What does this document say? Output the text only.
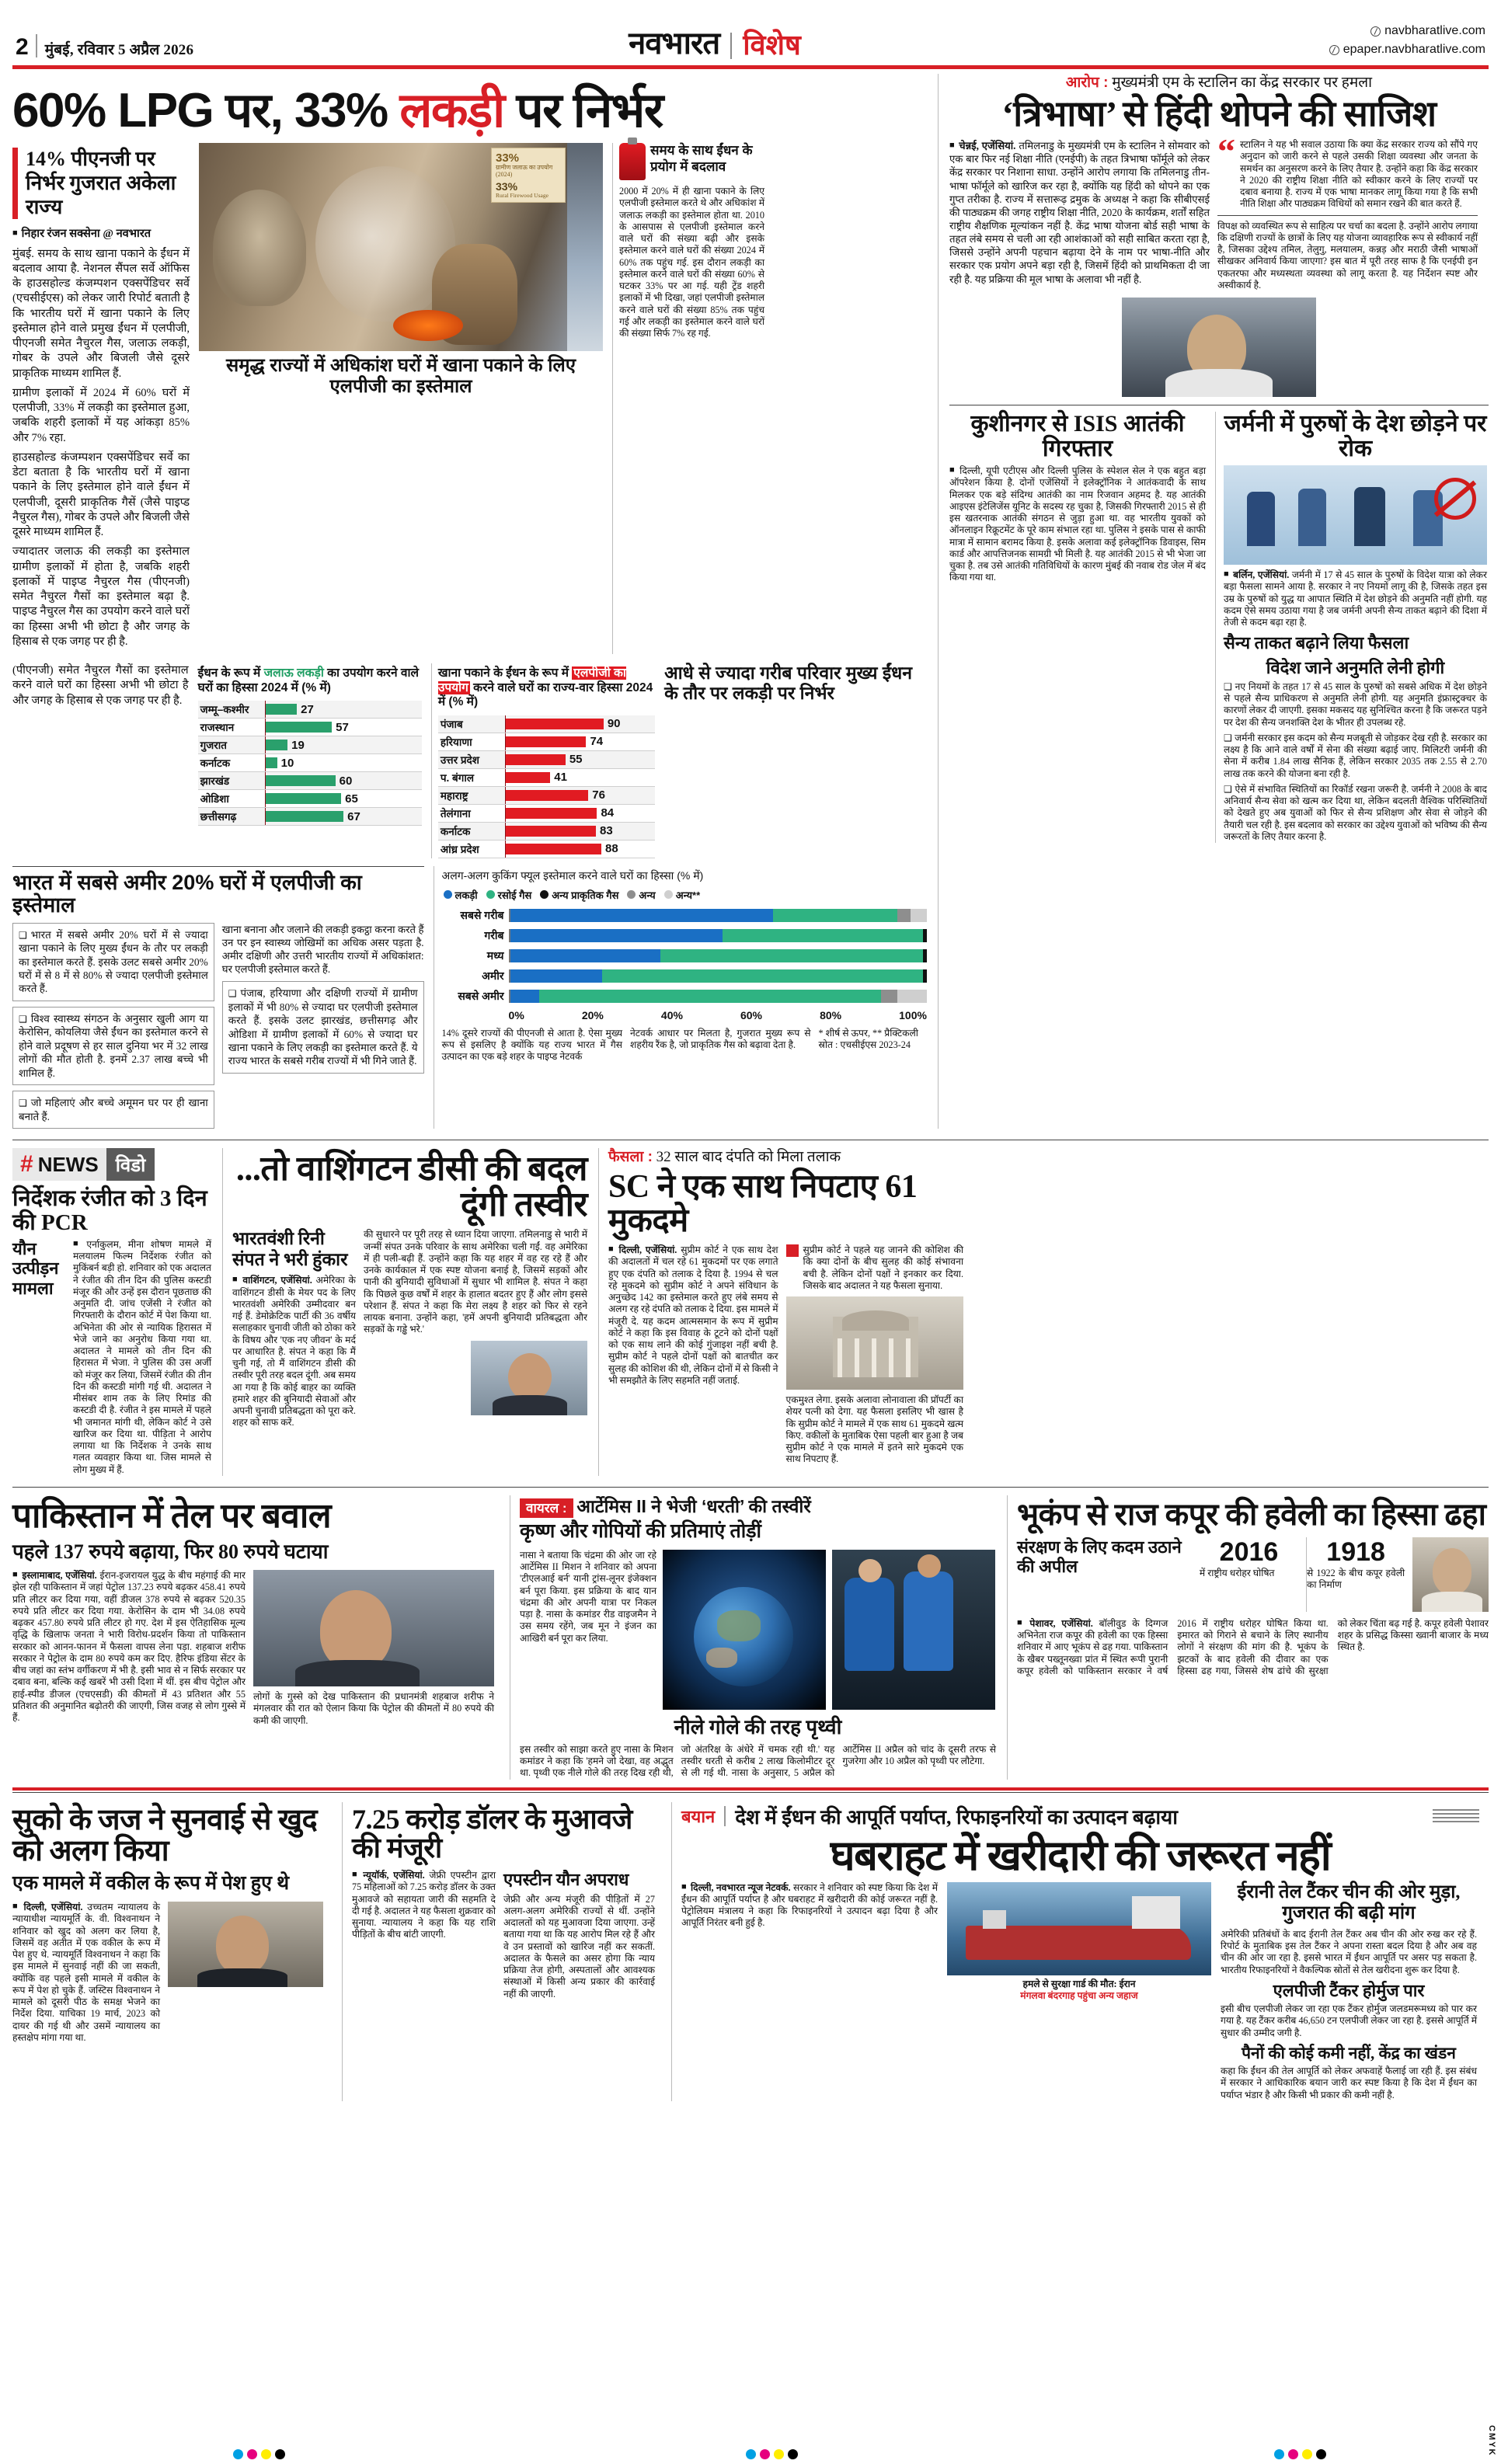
2 मुंबई, रविवार 5 अप्रैल 2026	नवभारत विशेष	navbharatlive.com
epaper.navbharatlive.com
60% LPG पर, 33% लकड़ी पर निर्भर
14% पीएनजी पर निर्भर गुजरात अकेला राज्य

■ निहार रंजन सक्सेना @ नवभारत

मुंबई. समय के साथ खाना पकाने के ईंधन में बदलाव आया है. नेशनल सैंपल सर्वे ऑफिस के हाउसहोल्ड कंजम्पशन एक्सपेंडिचर सर्वे (एचसीईएस) को लेकर जारी रिपोर्ट बताती है कि भारतीय घरों में खाना पकाने के लिए इस्तेमाल होने वाले प्रमुख ईंधन में एलपीजी, पीएनजी समेत नैचुरल गैस, जलाऊ लकड़ी, गोबर के उपले और बिजली जैसे दूसरे प्राकृतिक माध्यम शामिल हैं.

ग्रामीण इलाकों में 2024 में 60% घरों में एलपीजी, 33% में लकड़ी का इस्तेमाल हुआ, जबकि शहरी इलाकों में यह आंकड़ा 85% और 7% रहा.

हाउसहोल्ड कंजम्पशन एक्सपेंडिचर सर्वे का डेटा बताता है कि भारतीय घरों में खाना पकाने के लिए इस्तेमाल होने वाले ईंधन में एलपीजी, दूसरी प्राकृतिक गैसें (जैसे पाइप्ड नैचुरल गैस), गोबर के उपले और बिजली जैसे दूसरे माध्यम शामिल हैं.

ज्यादातर जलाऊ की लकड़ी का इस्तेमाल ग्रामीण इलाकों में होता है, जबकि शहरी इलाकों में पाइप्ड नैचुरल गैस (पीएनजी) समेत नैचुरल गैसों का इस्तेमाल बढ़ा है. पाइप्ड नैचुरल गैस का उपयोग करने वाले घरों का हिस्सा अभी भी छोटा है और जगह के हिसाब से एक जगह पर ही है.

33%
ग्रामीण जलाऊ का उपयोग (2024)
33%
Rural Firewood Usage
समृद्ध राज्यों में अधिकांश घरों में खाना पकाने के लिए एलपीजी का इस्तेमाल
समय के साथ ईंधन के प्रयोग में बदलाव
2000 में 20% में ही खाना पकाने के लिए एलपीजी इस्तेमाल करते थे और अधिकांश में जलाऊ लकड़ी का इस्तेमाल होता था. 2010 के आसपास से एलपीजी इस्तेमाल करने वाले घरों की संख्या बढ़ी और इसके इस्तेमाल करने वाले घरों की संख्या 2024 में 60% तक पहुंच गई. इस दौरान लकड़ी का इस्तेमाल करने वाले घरों की संख्या 60% से घटकर 33% पर आ गई. यही ट्रेंड शहरी इलाकों में भी दिखा, जहां एलपीजी इस्तेमाल करने वाले घरों की संख्या 85% तक पहुंच गई और लकड़ी का इस्तेमाल करने वाले घरों की संख्या सिर्फ 7% रह गई.

(पीएनजी) समेत नैचुरल गैसों का इस्तेमाल करने वाले घरों का हिस्सा अभी भी छोटा है और जगह के हिसाब से एक जगह पर ही है.

ईंधन के रूप में जलाऊ लकड़ी का उपयोग करने वाले घरों का हिस्सा 2024 में (% में)
जम्मू–कश्मीर	27
राजस्थान	57
गुजरात	19
कर्नाटक	10
झारखंड	60
ओडिशा	65
छत्तीसगढ़	67
खाना पकाने के ईंधन के रूप में एलपीजी का उपयोग करने वाले घरों का राज्य-वार हिस्सा 2024 में (% में)
पंजाब	90
हरियाणा	74
उत्तर प्रदेश	55
प. बंगाल	41
महाराष्ट्र	76
तेलंगाना	84
कर्नाटक	83
आंध्र प्रदेश	88
आधे से ज्यादा गरीब परिवार मुख्य ईंधन के तौर पर लकड़ी पर निर्भर
भारत में सबसे अमीर 20% घरों में एलपीजी का इस्तेमाल
❑ भारत में सबसे अमीर 20% घरों में से ज्यादा खाना पकाने के लिए मुख्य ईंधन के तौर पर लकड़ी का इस्तेमाल करते हैं. इसके उलट सबसे अमीर 20% घरों में से 8 में से 80% से ज्यादा एलपीजी इस्तेमाल करते हैं.
❑ विश्व स्वास्थ्य संगठन के अनुसार खुली आग या केरोसिन, कोयलिया जैसे ईंधन का इस्तेमाल करने से होने वाले प्रदूषण से हर साल दुनिया भर में 32 लाख लोगों की मौत होती है. इनमें 2.37 लाख बच्चे भी शामिल हैं.
❑ जो महिलाएं और बच्चे अमूमन घर पर ही खाना बनाते हैं.
खाना बनाना और जलाने की लकड़ी इकट्ठा करना करते हैं उन पर इन स्वास्थ्य जोखिमों का अधिक असर पड़ता है. अमीर दक्षिणी और उत्तरी भारतीय राज्यों में अधिकांशत: घर एलपीजी इस्तेमाल करते हैं.
❑ पंजाब, हरियाणा और दक्षिणी राज्यों में ग्रामीण इलाकों में भी 80% से ज्यादा घर एलपीजी इस्तेमाल करते हैं. इसके उलट झारखंड, छत्तीसगढ़ और ओडिशा में ग्रामीण इलाकों में 60% से ज्यादा घर खाना पकाने के लिए लकड़ी का इस्तेमाल करते हैं. ये राज्य भारत के सबसे गरीब राज्यों में भी गिने जाते हैं.
अलग-अलग कुकिंग फ्यूल इस्तेमाल करने वाले घरों का हिस्सा (% में)
लकड़ी	रसोई गैस	अन्य प्राकृतिक गैस	अन्य	अन्य**
सबसे गरीब
गरीब
मध्य
अमीर
सबसे अमीर
0%	20%	40%	60%	80%	100%
14% दूसरे राज्यों की पीएनजी से आता है. ऐसा मुख्य रूप से इसलिए है क्योंकि यह राज्य भारत में गैस उत्पादन का एक बड़े शहर के पाइप्ड नेटवर्क
नेटवर्क आधार पर मिलता है, गुजरात मुख्य रूप से शहरीय रैंक है, जो प्राकृतिक गैस को बढ़ावा देता है.
* शीर्ष से ऊपर, ** प्रैक्टिकली
स्रोत : एचसीईएस 2023-24
आरोप : मुख्यमंत्री एम के स्टालिन का केंद्र सरकार पर हमला
‘त्रिभाषा’ से हिंदी थोपने की साजिश
■ चेन्नई, एजेंसियां. तमिलनाडु के मुख्यमंत्री एम के स्टालिन ने सोमवार को एक बार फिर नई शिक्षा नीति (एनईपी) के तहत त्रिभाषा फॉर्मूले को लेकर केंद्र सरकार पर निशाना साधा. उन्होंने आरोप लगाया कि तमिलनाडु तीन-भाषा फॉर्मूले को खारिज कर रहा है, क्योंकि यह हिंदी को थोपने का एक गुप्त तरीका है. राज्य में सत्तारूढ़ द्रमुक के अध्यक्ष ने कहा कि सीबीएसई की पाठ्यक्रम की जगह राष्ट्रीय शिक्षा नीति, 2020 के कार्यक्रम, शर्तों सहित राष्ट्रीय शैक्षणिक मूल्यांकन नहीं है. केंद्र भाषा योजना बोर्ड सही भाषा के तहत लंबे समय से चली आ रही आशंकाओं को सही साबित करता रहा है, जिससे उन्होंने अपनी पहचान बढ़ाया देने के नाम पर भाषा-नीति और सरकार एक प्रयोग अपने बड़ा रही है, जिसमें हिंदी को प्राथमिकता दी जा रही है. यह प्रक्रिया की मूल भाषा के अलावा भी नहीं है.
“ स्टालिन ने यह भी सवाल उठाया कि क्या केंद्र सरकार राज्य को सौंपे गए अनुदान को जारी करने से पहले उसकी शिक्षा व्यवस्था और जनता के समर्थन का अनुसरण करने के लिए तैयार है. उन्होंने कहा कि केंद्र सरकार ने 2020 की राष्ट्रीय शिक्षा नीति को स्वीकार करने के लिए राज्यों पर दबाव बनाया है. राज्य में एक भाषा मानकर लागू किया गया है कि सभी नीति शिक्षा और पाठ्यक्रम विधियों को समान रखने की बात करते हैं.
विपक्ष को व्यवस्थित रूप से साहित्य पर चर्चा का बदला है. उन्होंने आरोप लगाया कि दक्षिणी राज्यों के छात्रों के लिए यह योजना व्यावहारिक रूप से स्वीकार्य नहीं है, जिसका उद्देश्य तमिल, तेलुगु, मलयालम, कन्नड़ और मराठी जैसी भाषाओं सीखकर अनिवार्य किया जाएगा? इस बात में पूरी तरह साफ है कि एनईपी इन एकतरफा और मध्यस्थता व्यवस्था को लागू करता है. यह निर्देशन स्पष्ट और अस्वीकार्य है.
कुशीनगर से ISIS आतंकी गिरफ्तार
■ दिल्ली, यूपी एटीएस और दिल्ली पुलिस के स्पेशल सेल ने एक बहुत बड़ा ऑपरेशन किया है. दोनों एजेंसियों ने इलेक्ट्रॉनिक ने आतंकवादी के साथ मिलकर एक बड़े संदिग्ध आतंकी का नाम रिजवान अहमद है. यह आतंकी आइएस इंटेलिजेंस यूनिट के सदस्य रह चुका है, जिसकी गिरफ्तारी 2015 से ही इस खतरनाक आतंकी संगठन से जुड़ा हुआ था. वह भारतीय युवकों को ऑनलाइन रिक्रूटमेंट के पूरे काम संभाल रहा था. पुलिस ने इसके पास से काफी मात्रा में सामान बरामद किया है. इसके अलावा कई इलेक्ट्रॉनिक डिवाइस, सिम कार्ड और आपत्तिजनक सामग्री भी मिली है. यह आतंकी 2015 से भी भेजा जा चुका है. तब उसे आतंकी गतिविधियों के कारण मुंबई की नवाब रोड जेल में बंद किया गया था.
जर्मनी में पुरुषों के देश छोड़ने पर रोक
■ बर्लिन, एजेंसियां. जर्मनी में 17 से 45 साल के पुरुषों के विदेश यात्रा को लेकर बड़ा फैसला सामने आया है. सरकार ने नए नियमों लागू की है, जिसके तहत इस उम्र के पुरुषों को युद्ध या आपात स्थिति में देश छोड़ने की अनुमति नहीं होगी. यह कदम ऐसे समय उठाया गया है जब जर्मनी अपनी सैन्य ताकत बढ़ाने की दिशा में तेजी से कदम बढ़ा रहा है.
सैन्य ताकत बढ़ाने लिया फैसला
विदेश जाने अनुमति लेनी होगी
❑ नए नियमों के तहत 17 से 45 साल के पुरुषों को सबसे अधिक में देश छोड़ने से पहले सैन्य प्राधिकरण से अनुमति लेनी होगी. यह अनुमति इंफ्रास्ट्रक्चर के कारणों लेकर दी जाएगी. इसका मकसद यह सुनिश्चित करना है कि जरूरत पड़ने पर देश की सैन्य जनशक्ति देश के भीतर ही उपलब्ध रहे.
❑ जर्मनी सरकार इस कदम को सैन्य मजबूती से जोड़कर देख रही है. सरकार का लक्ष्य है कि आने वाले वर्षों में सेना की संख्या बढ़ाई जाए. मिलिटरी जर्मनी की सेना में करीब 1.84 लाख सैनिक हैं, लेकिन सरकार 2035 तक 2.55 से 2.70 लाख तक करने की योजना बना रही है.
❑ ऐसे में संभावित स्थितियों का रिकॉर्ड रखना जरूरी है. जर्मनी ने 2008 के बाद अनिवार्य सैन्य सेवा को खत्म कर दिया था, लेकिन बदलती वैश्विक परिस्थितियों को देखते हुए अब युवाओं को फिर से सैन्य प्रशिक्षण और सेवा से जोड़ने की तैयारी चल रही है. इस बदलाव को सरकार का उद्देश्य युवाओं को भविष्य की सैन्य जरूरतों के लिए तैयार करना है.
# NEWS विडो
निर्देशक रंजीत को 3 दिन की PCR
यौन उत्पीड़न मामला
■ एर्नाकुलम, मीना शोषण मामले में मलयालम फिल्म निर्देशक रंजीत को मुकिंबर्न बड़ी हो. शनिवार को एक अदालत ने रंजीत की तीन दिन की पुलिस कस्टडी मंजूर की और उन्हें इस दौरान पूछताछ की अनुमति दी. जांच एजेंसी ने रंजीत को गिरफ्तारी के दौरान कोर्ट में पेश किया था. अभिनेता की ओर से न्यायिक हिरासत में भेजे जाने का अनुरोध किया गया था. अदालत ने मामले को तीन दिन की हिरासत में भेजा. ने पुलिस की उस अर्जी को मंजूर कर लिया, जिसमें रंजीत की तीन दिन की कस्टडी मांगी गई थी. अदालत ने मीसंबर शाम तक के लिए रिमांड की कस्टडी दी है. रंजीत ने इस मामले में पहले भी जमानत मांगी थी, लेकिन कोर्ट ने उसे खारिज कर दिया था. पीड़िता ने आरोप लगाया था कि निर्देशक ने उनके साथ गलत व्यवहार किया था. जिस मामले से लोग मुख्य में हैं.
...तो वाशिंगटन डीसी की बदल दूंगी तस्वीर
भारतवंशी रिनी संपत ने भरी हुंकार
■ वाशिंगटन, एजेंसियां. अमेरिका के वाशिंगटन डीसी के मेयर पद के लिए भारतवंशी अमेरिकी उम्मीदवार बन गई हैं. डेमोक्रेटिक पार्टी की 36 वर्षीय सलाहकार चुनावी जीती को ठोका करे के विषय और 'एक नए जीवन' के मर्द पर आधारित है. संपत ने कहा कि मैं चुनी गई, तो मैं वाशिंगटन डीसी की तस्वीर पूरी तरह बदल दूंगी. अब समय आ गया है कि कोई बाहर का व्यक्ति हमारे शहर की बुनियादी सेवाओं और अपनी चुनावी प्रतिबद्धता को पूरा करे. शहर को साफ करें.
की सुधारने पर पूरी तरह से ध्यान दिया जाएगा. तमिलनाडु से भारी में जन्मीं संपत उनके परिवार के साथ अमेरिका चली गईं. वह अमेरिका में ही पली-बढ़ी हैं. उन्होंने कहा कि यह शहर में वह रह रहे हैं और उनके कार्यकाल में एक स्पष्ट योजना बनाई है, जिसमें सड़कों और पानी की बुनियादी सुविधाओं में सुधार भी शामिल है. संपत ने कहा कि पिछले कुछ वर्षों में शहर के हालात बदतर हुए हैं और लोग इससे परेशान हैं. संपत ने कहा कि मेरा लक्ष्य है शहर को फिर से रहने लायक बनाना. उन्होंने कहा, 'हमें अपनी बुनियादी प्रतिबद्धता और सड़कों के गड्ढे भरे.'
फैसला : 32 साल बाद दंपति को मिला तलाक
SC ने एक साथ निपटाए 61 मुकदमे
■ दिल्ली, एजेंसियां. सुप्रीम कोर्ट ने एक साथ देश की अदालतों में चल रहे 61 मुकदमों पर एक लगाते हुए एक दंपति को तलाक दे दिया है. 1994 से चल रहे मुकदमे को सुप्रीम कोर्ट ने अपने संविधान के अनुच्छेद 142 का इस्तेमाल करते हुए लंबे समय से अलग रह रहे दंपति को तलाक दे दिया. इस मामले में मंजूरी दे. यह कदम आत्मसमान के रूप में सुप्रीम कोर्ट ने कहा कि इस विवाह के टूटने को दोनों पक्षों को एक साथ लाने की कोई गुंजाइश नहीं बची है. सुप्रीम कोर्ट ने पहले दोनों पक्षों को बातचीत कर सुलह की कोशिश की थी, लेकिन दोनों में से किसी ने भी समझौते के लिए सहमति नहीं जताई.
सुप्रीम कोर्ट ने पहले यह जानने की कोशिश की कि क्या दोनों के बीच सुलह की कोई संभावना बची है. लेकिन दोनों पक्षों ने इनकार कर दिया. जिसके बाद अदालत ने यह फैसला सुनाया.
एकमुश्त लेगा. इसके अलावा लोनावाला की प्रॉपर्टी का शेयर पत्नी को देगा. यह फैसला इसलिए भी खास है कि सुप्रीम कोर्ट ने मामले में एक साथ 61 मुकदमे खत्म किए. वकीलों के मुताबिक ऐसा पहली बार हुआ है जब सुप्रीम कोर्ट ने एक मामले में इतने सारे मुकदमे एक साथ निपटाए हैं.
पाकिस्तान में तेल पर बवाल
पहले 137 रुपये बढ़ाया, फिर 80 रुपये घटाया
■ इस्लामाबाद, एजेंसियां. ईरान-इजरायल युद्ध के बीच महंगाई की मार झेल रही पाकिस्तान में जहां पेट्रोल 137.23 रुपये बढ़कर 458.41 रुपये प्रति लीटर कर दिया गया, वहीं डीजल 378 रुपये से बढ़कर 520.35 रुपये प्रति लीटर कर दिया गया. केरोसिन के दाम भी 34.08 रुपये बढ़कर 457.80 रुपये प्रति लीटर हो गए. देश में इस ऐतिहासिक मूल्य वृद्धि के खिलाफ जनता ने भारी विरोध-प्रदर्शन किया तो पाकिस्तान सरकार को आनन-फानन में फैसला वापस लेना पड़ा. शहबाज शरीफ सरकार ने पेट्रोल के दाम 80 रुपये कम कर दिए. हैरिफ इंडिया सेंटर के बीच जहां का स्तंभ वर्गीकरण में भी है. इसी भाव से न सिर्फ सरकार पर दबाव बना, बल्कि कई खबरें भी उसी दिशा में थीं. इस बीच पेट्रोल और हाई-स्पीड डीजल (एचएसडी) की कीमतों में 43 प्रतिशत और 55 प्रतिशत की अनुमानित बढ़ोतरी की जाएगी, जिस वजह से लोग गुस्से में हैं.
लोगों के गुस्से को देख पाकिस्तान की प्रधानमंत्री शहबाज शरीफ ने मंगलवार की रात को ऐलान किया कि पेट्रोल की कीमतों में 80 रुपये की कमी की जाएगी.
वायरल : आर्टेमिस II ने भेजी ‘धरती’ की तस्वीरें
कृष्ण और गोपियों की प्रतिमाएं तोड़ीं
नासा ने बताया कि चंद्रमा की ओर जा रहे आर्टेमिस II मिशन ने शनिवार को अपना 'टीएलआई बर्न' यानी ट्रांस-लूनर इंजेक्शन बर्न पूरा किया. इस प्रक्रिया के बाद यान चंद्रमा की ओर अपनी यात्रा पर निकल पड़ा है. नासा के कमांडर रीड वाइजमैन ने उस समय रहेंगे, जब मून ने इंजन का आखिरी बर्न पूरा कर लिया.
नीले गोले की तरह पृथ्वी
इस तस्वीर को साझा करते हुए नासा के मिशन कमांडर ने कहा कि 'हमने जो देखा, वह अद्भुत था. पृथ्वी एक नीले गोले की तरह दिख रही थी, जो अंतरिक्ष के अंधेरे में चमक रही थी.' यह तस्वीर धरती से करीब 2 लाख किलोमीटर दूर से ली गई थी. नासा के अनुसार, 5 अप्रैल को आर्टेमिस II अप्रैल को चांद के दूसरी तरफ से गुजरेगा और 10 अप्रैल को पृथ्वी पर लौटेगा.
भूकंप से राज कपूर की हवेली का हिस्सा ढहा
संरक्षण के लिए कदम उठाने की अपील	2016
में राष्ट्रीय धरोहर घोषित
1918
से 1922 के बीच कपूर हवेली का निर्माण
■ पेशावर, एजेंसियां. बॉलीवुड के दिग्गज अभिनेता राज कपूर की हवेली का एक हिस्सा शनिवार में आए भूकंप से ढह गया. पाकिस्तान के खैबर पख्तूनख्वा प्रांत में स्थित रूपी पुरानी कपूर हवेली को पाकिस्तान सरकार ने वर्ष 2016 में राष्ट्रीय धरोहर घोषित किया था. इमारत को गिराने से बचाने के लिए स्थानीय लोगों ने संरक्षण की मांग की है. भूकंप के झटकों के बाद हवेली की दीवार का एक हिस्सा ढह गया, जिससे शेष ढांचे की सुरक्षा को लेकर चिंता बढ़ गई है. कपूर हवेली पेशावर शहर के प्रसिद्ध किस्सा ख्वानी बाजार के मध्य स्थित है.
सुको के जज ने सुनवाई से खुद को अलग किया
एक मामले में वकील के रूप में पेश हुए थे
■ दिल्ली, एजेंसियां. उच्चतम न्यायालय के न्यायाधीश न्यायमूर्ति के. वी. विश्वनाथन ने शनिवार को खुद को अलग कर लिया है, जिसमें वह अतीत में एक वकील के रूप में पेश हुए थे. न्यायमूर्ति विश्वनाथन ने कहा कि इस मामले में सुनवाई नहीं की जा सकती, क्योंकि वह पहले इसी मामले में वकील के रूप में पेश हो चुके हैं. जस्टिस विश्वनाथन ने मामले को दूसरी पीठ के समक्ष भेजने का निर्देश दिया. याचिका 19 मार्च, 2023 को दायर की गई थी और उसमें न्यायालय का हस्तक्षेप मांगा गया था.
7.25 करोड़ डॉलर के मुआवजे की मंजूरी
■ न्यूयॉर्क, एजेंसियां. जेफ्री एपस्टीन द्वारा 75 महिलाओं को 7.25 करोड़ डॉलर के उक्त मुआवजे को सहायता जारी की सहमति दे दी गई है. अदालत ने यह फैसला शुक्रवार को सुनाया. न्यायालय ने कहा कि यह राशि पीड़ितों के बीच बांटी जाएगी.
एपस्टीन यौन अपराध
जेफ्री और अन्य मंजूरी की पीड़ितों में 27 अलग-अलग अमेरिकी राज्यों से थीं. उन्होंने अदालतों को यह मुआवजा दिया जाएगा. उन्हें बताया गया था कि यह आरोप मिल रहे हैं और वे उन प्रस्तावों को खारिज नहीं कर सकतीं. अदालत के फैसले का असर होगा कि न्याय प्रक्रिया तेज होगी, अस्पतालों और आवश्यक संस्थाओं में किसी अन्य प्रकार की कार्रवाई नहीं की जाएगी.
बयान देश में ईंधन की आपूर्ति पर्याप्त, रिफाइनरियों का उत्पादन बढ़ाया
घबराहट में खरीदारी की जरूरत नहीं
■ दिल्ली, नवभारत न्यूज नेटवर्क. सरकार ने शनिवार को स्पष्ट किया कि देश में ईंधन की आपूर्ति पर्याप्त है और घबराहट में खरीदारी की कोई जरूरत नहीं है. पेट्रोलियम मंत्रालय ने कहा कि रिफाइनरियों ने उत्पादन बढ़ा दिया है और आपूर्ति निरंतर बनी हुई है.
हमले से सुरक्षा गार्ड की मौत: ईरान
मंगलवा बंदरगाह पहुंचा अन्य जहाज
ईरानी तेल टैंकर चीन की ओर मुड़ा, गुजरात की बढ़ी मांग
अमेरिकी प्रतिबंधों के बाद ईरानी तेल टैंकर अब चीन की ओर रुख कर रहे हैं. रिपोर्ट के मुताबिक इस तेल टैंकर ने अपना रास्ता बदल दिया है और अब वह चीन की ओर जा रहा है. इससे भारत में ईंधन आपूर्ति पर असर पड़ सकता है. भारतीय रिफाइनरियों ने वैकल्पिक स्रोतों से तेल खरीदना शुरू कर दिया है.
एलपीजी टैंकर होर्मुज पार
इसी बीच एलपीजी लेकर जा रहा एक टैंकर होर्मुज जलडमरूमध्य को पार कर गया है. यह टैंकर करीब 46,650 टन एलपीजी लेकर जा रहा है. इससे आपूर्ति में सुधार की उम्मीद जगी है.
पैनों की कोई कमी नहीं, केंद्र का खंडन
कहा कि ईंधन की तेल आपूर्ति को लेकर अफवाहें फैलाई जा रही हैं. इस संबंध में सरकार ने आधिकारिक बयान जारी कर स्पष्ट किया है कि देश में ईंधन का पर्याप्त भंडार है और किसी भी प्रकार की कमी नहीं है.
CMYK
